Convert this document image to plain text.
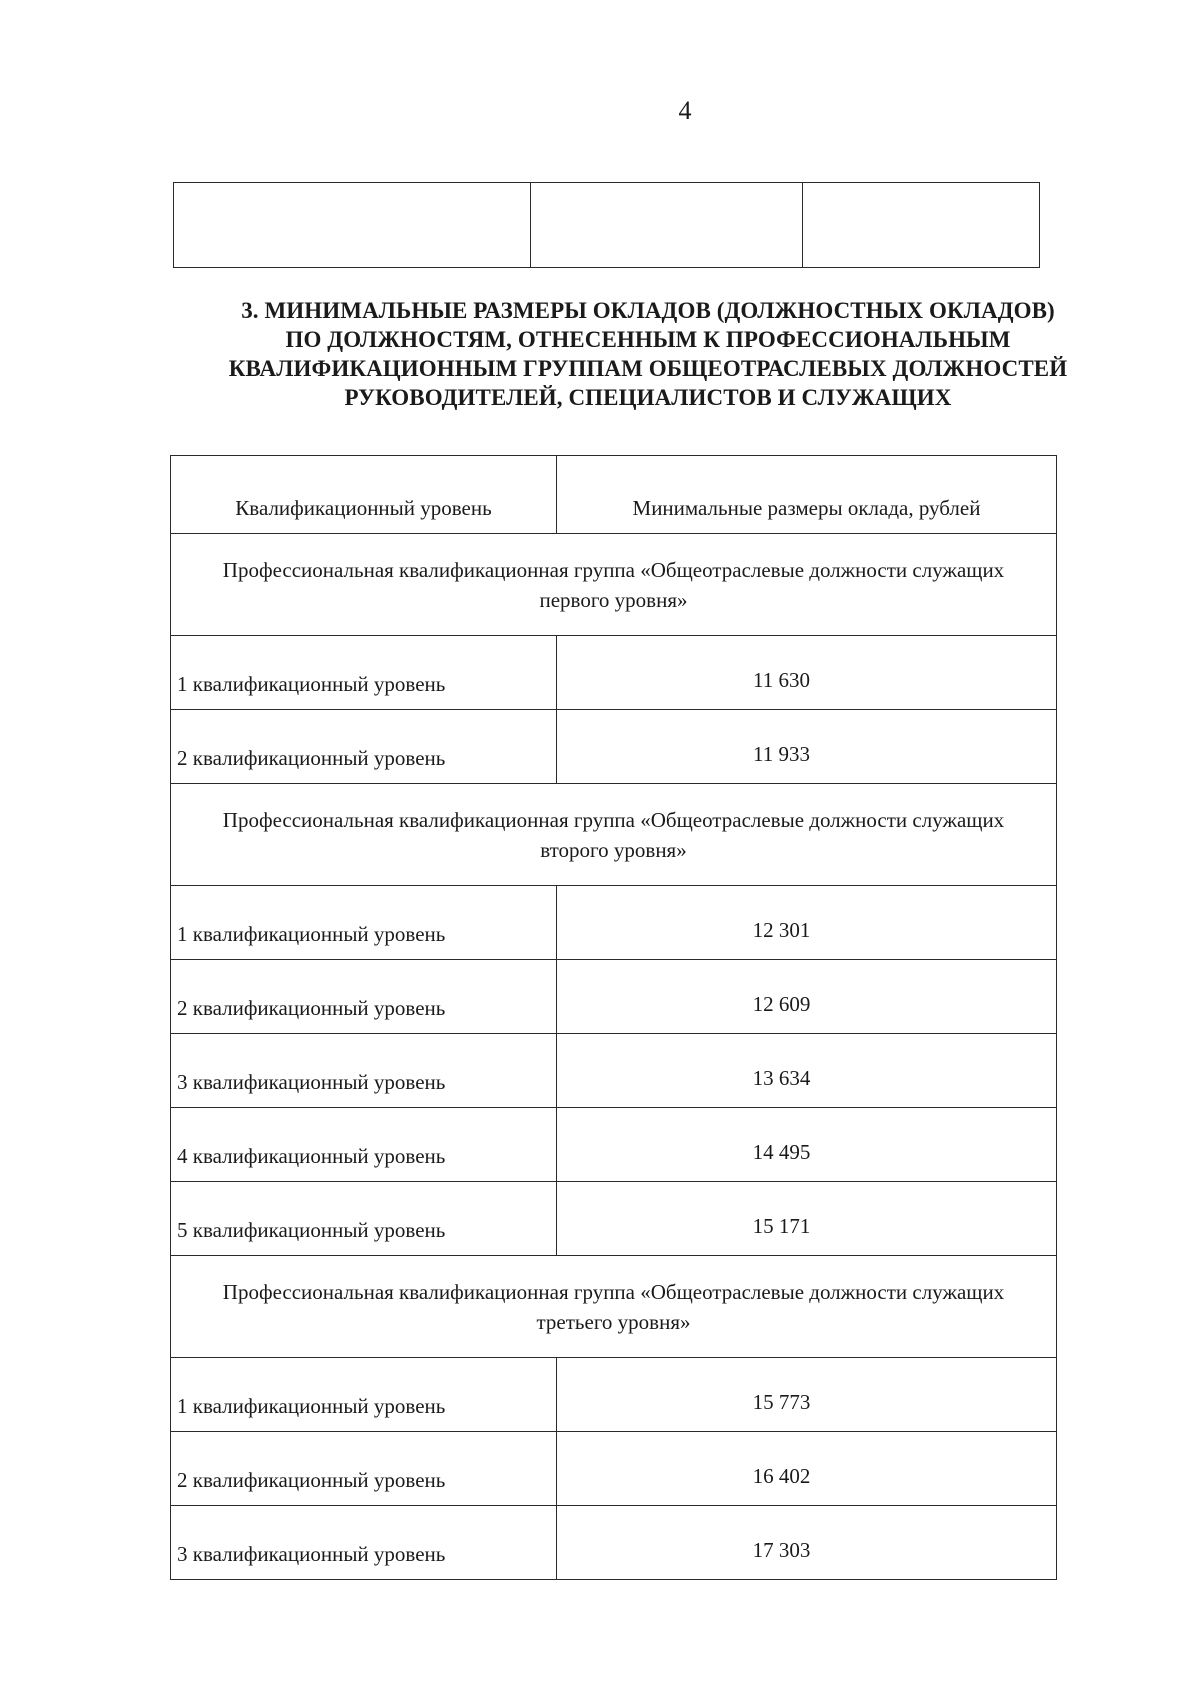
4

3. МИНИМАЛЬНЫЕ РАЗМЕРЫ ОКЛАДОВ (ДОЛЖНОСТНЫХ ОКЛАДОВ)
ПО ДОЛЖНОСТЯМ, ОТНЕСЕННЫМ К ПРОФЕССИОНАЛЬНЫМ
КВАЛИФИКАЦИОННЫМ ГРУППАМ ОБЩЕОТРАСЛЕВЫХ ДОЛЖНОСТЕЙ
РУКОВОДИТЕЛЕЙ, СПЕЦИАЛИСТОВ И СЛУЖАЩИХ
Квалификационный уровень	Минимальные размеры оклада, рублей
Профессиональная квалификационная группа «Общеотраслевые должности служащих первого уровня»	
1 квалификационный уровень	11 630
2 квалификационный уровень	11 933
Профессиональная квалификационная группа «Общеотраслевые должности служащих второго уровня»	
1 квалификационный уровень	12 301
2 квалификационный уровень	12 609
3 квалификационный уровень	13 634
4 квалификационный уровень	14 495
5 квалификационный уровень	15 171
Профессиональная квалификационная группа «Общеотраслевые должности служащих третьего уровня»	
1 квалификационный уровень	15 773
2 квалификационный уровень	16 402
3 квалификационный уровень	17 303
